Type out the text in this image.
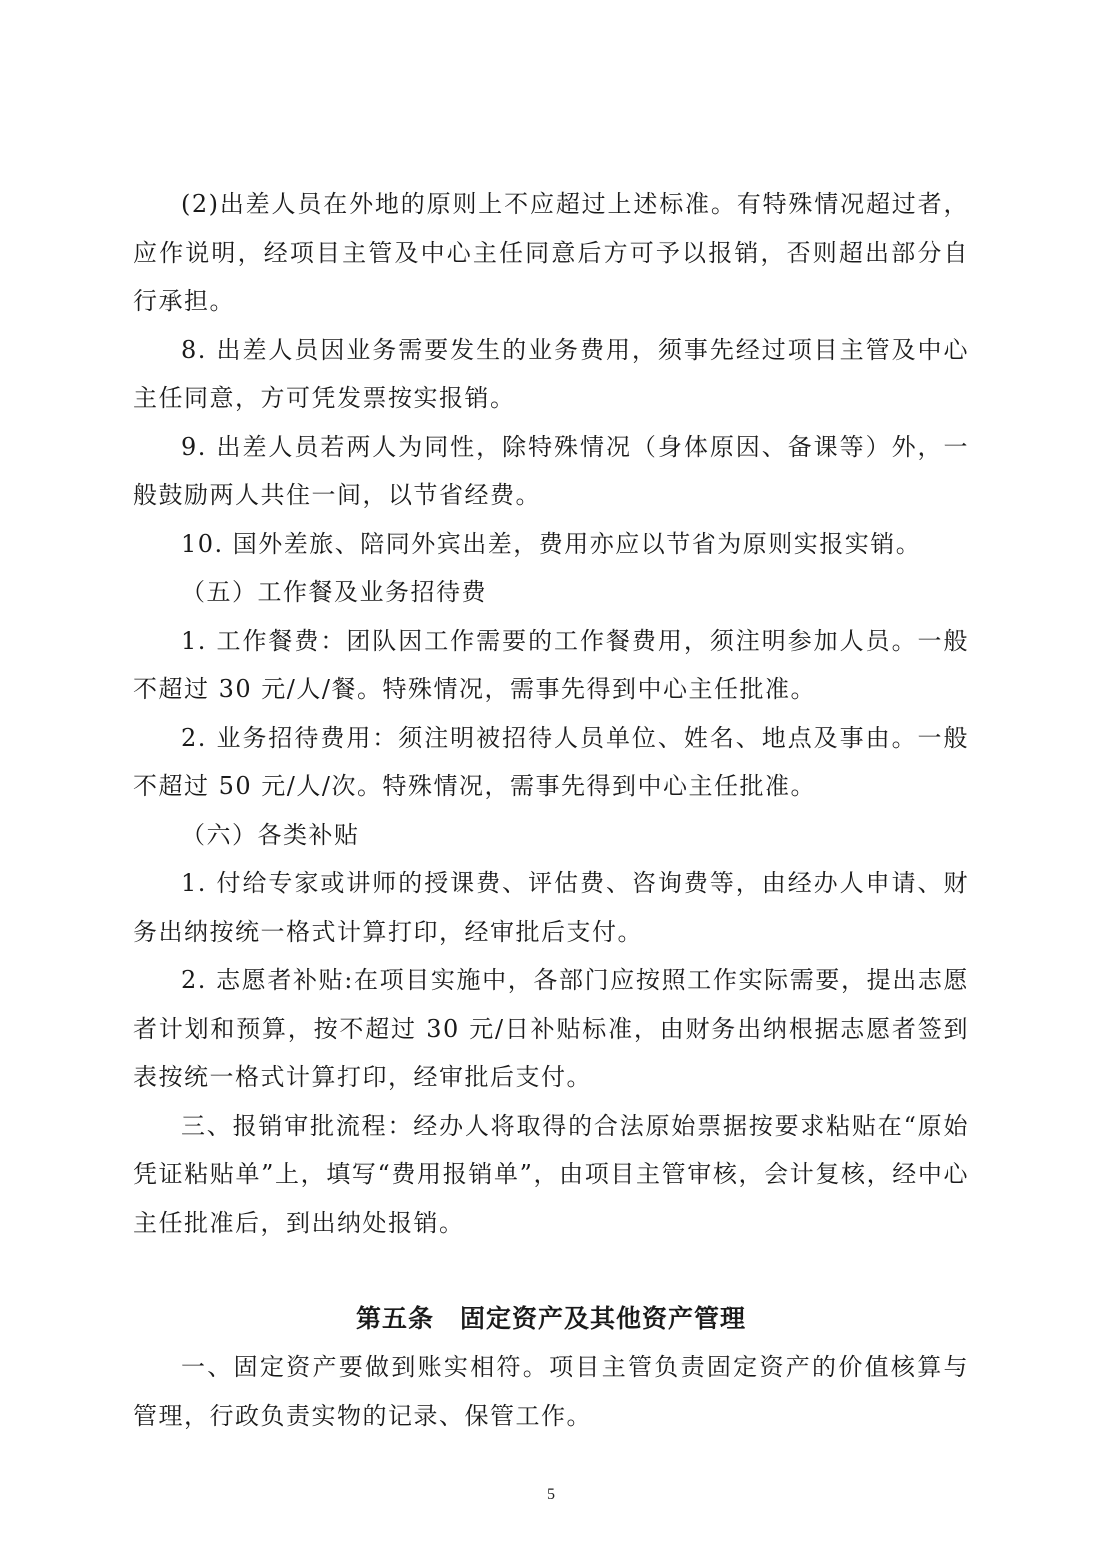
(2)出差人员在外地的原则上不应超过上述标准。有特殊情况超过者，应作说明，经项目主管及中心主任同意后方可予以报销，否则超出部分自行承担。

8. 出差人员因业务需要发生的业务费用，须事先经过项目主管及中心主任同意，方可凭发票按实报销。

9. 出差人员若两人为同性，除特殊情况（身体原因、备课等）外，一般鼓励两人共住一间，以节省经费。

10. 国外差旅、陪同外宾出差，费用亦应以节省为原则实报实销。

（五）工作餐及业务招待费

1. 工作餐费：团队因工作需要的工作餐费用，须注明参加人员。一般不超过 30 元/人/餐。特殊情况，需事先得到中心主任批准。

2. 业务招待费用：须注明被招待人员单位、姓名、地点及事由。一般不超过 50 元/人/次。特殊情况，需事先得到中心主任批准。

（六）各类补贴

1. 付给专家或讲师的授课费、评估费、咨询费等，由经办人申请、财务出纳按统一格式计算打印，经审批后支付。

2. 志愿者补贴:在项目实施中，各部门应按照工作实际需要，提出志愿者计划和预算，按不超过 30 元/日补贴标准，由财务出纳根据志愿者签到表按统一格式计算打印，经审批后支付。

三、报销审批流程：经办人将取得的合法原始票据按要求粘贴在“原始凭证粘贴单”上，填写“费用报销单”，由项目主管审核，会计复核，经中心主任批准后，到出纳处报销。

第五条　固定资产及其他资产管理

一、固定资产要做到账实相符。项目主管负责固定资产的价值核算与管理，行政负责实物的记录、保管工作。

5
